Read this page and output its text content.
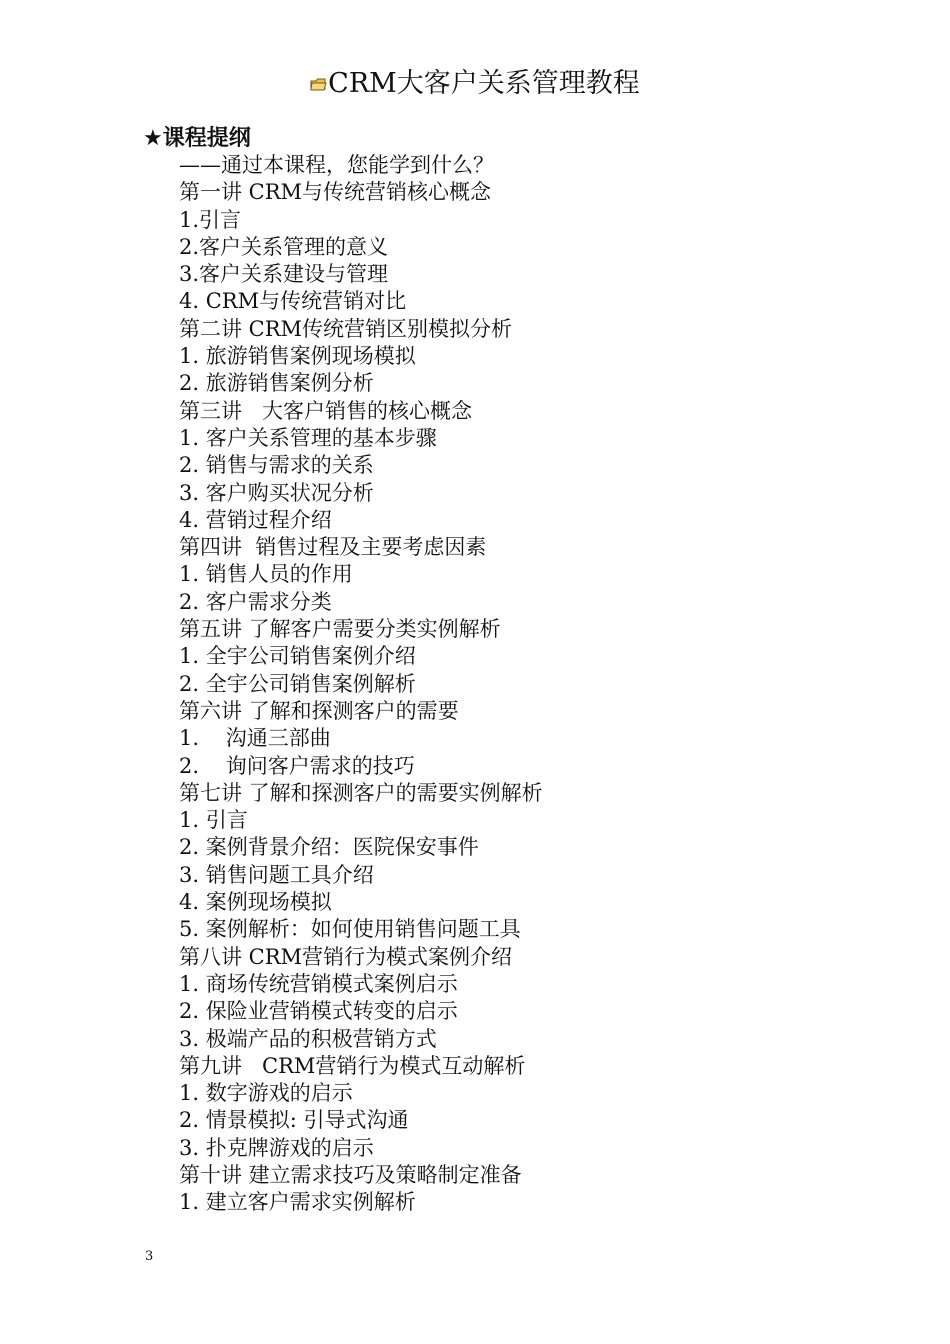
CRM大客户关系管理教程
★课程提纲
——通过本课程，您能学到什么？
第一讲 CRM与传统营销核心概念
1.引言
2.客户关系管理的意义
3.客户关系建设与管理
4. CRM与传统营销对比
第二讲 CRM传统营销区别模拟分析
1. 旅游销售案例现场模拟
2. 旅游销售案例分析
第三讲   大客户销售的核心概念
1. 客户关系管理的基本步骤
2. 销售与需求的关系
3. 客户购买状况分析
4. 营销过程介绍
第四讲  销售过程及主要考虑因素
1. 销售人员的作用
2. 客户需求分类
第五讲 了解客户需要分类实例解析
1. 全宇公司销售案例介绍
2. 全宇公司销售案例解析
第六讲 了解和探测客户的需要
1.    沟通三部曲
2.    询问客户需求的技巧
第七讲 了解和探测客户的需要实例解析
1. 引言
2. 案例背景介绍：医院保安事件
3. 销售问题工具介绍
4. 案例现场模拟
5. 案例解析：如何使用销售问题工具
第八讲 CRM营销行为模式案例介绍
1. 商场传统营销模式案例启示
2. 保险业营销模式转变的启示
3. 极端产品的积极营销方式
第九讲   CRM营销行为模式互动解析
1. 数字游戏的启示
2. 情景模拟: 引导式沟通
3. 扑克牌游戏的启示
第十讲 建立需求技巧及策略制定准备
1. 建立客户需求实例解析
3
